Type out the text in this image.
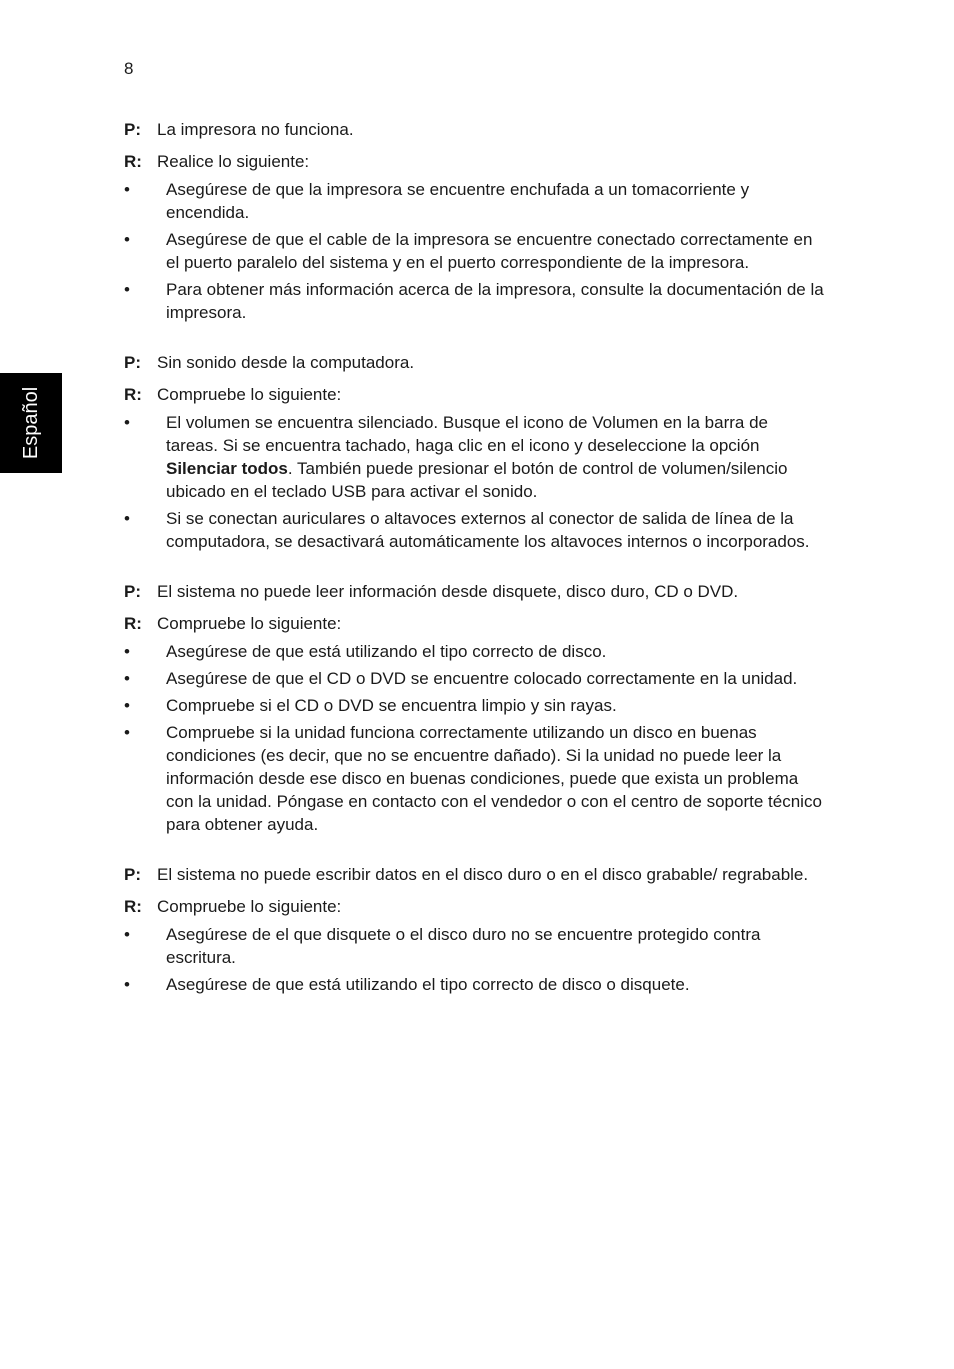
8
Español

P: La impresora no funciona.

R: Realice lo siguiente:

• Asegúrese de que la impresora se encuentre enchufada a un tomacorriente y encendida.
• Asegúrese de que el cable de la impresora se encuentre conectado correctamente en el puerto paralelo del sistema y en el puerto correspondiente de la impresora.
• Para obtener más información acerca de la impresora, consulte la documentación de la impresora.

P: Sin sonido desde la computadora.

R: Compruebe lo siguiente:

• El volumen se encuentra silenciado. Busque el icono de Volumen en la barra de tareas. Si se encuentra tachado, haga clic en el icono y deseleccione la opción Silenciar todos. También puede presionar el botón de control de volumen/silencio ubicado en el teclado USB para activar el sonido.
• Si se conectan auriculares o altavoces externos al conector de salida de línea de la computadora, se desactivará automáticamente los altavoces internos o incorporados.

P: El sistema no puede leer información desde disquete, disco duro, CD o DVD.

R: Compruebe lo siguiente:

• Asegúrese de que está utilizando el tipo correcto de disco.
• Asegúrese de que el CD o DVD se encuentre colocado correctamente en la unidad.
• Compruebe si el CD o DVD se encuentra limpio y sin rayas.
• Compruebe si la unidad funciona correctamente utilizando un disco en buenas condiciones (es decir, que no se encuentre dañado). Si la unidad no puede leer la información desde ese disco en buenas condiciones, puede que exista un problema con la unidad. Póngase en contacto con el vendedor o con el centro de soporte técnico para obtener ayuda.

P: El sistema no puede escribir datos en el disco duro o en el disco grabable/ regrabable.

R: Compruebe lo siguiente:

• Asegúrese de el que disquete o el disco duro no se encuentre protegido contra escritura.
• Asegúrese de que está utilizando el tipo correcto de disco o disquete.
